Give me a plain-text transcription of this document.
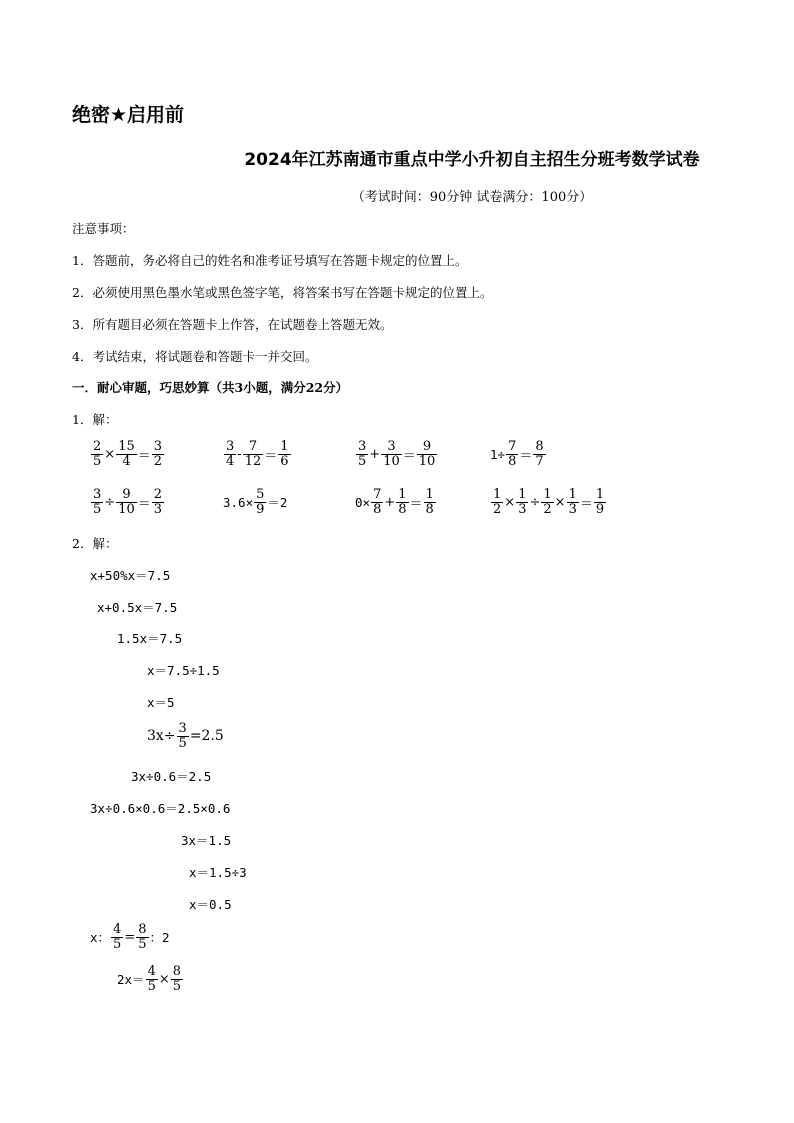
绝密★启用前
2024年江苏南通市重点中学小升初自主招生分班考数学试卷
（考试时间：90分钟 试卷满分：100分）
注意事项：
1．答题前，务必将自己的姓名和准考证号填写在答题卡规定的位置上。
2．必须使用黑色墨水笔或黑色签字笔，将答案书写在答题卡规定的位置上。
3．所有题目必须在答题卡上作答，在试题卷上答题无效。
4．考试结束，将试题卷和答题卡一并交回。
一．耐心审题，巧思妙算（共3小题，满分22分）
1．解：
$\frac{2}{5} \times \frac{15}{4} = \frac{3}{2}$	$\frac{3}{4} - \frac{7}{12} = \frac{1}{6}$	$\frac{3}{5} + \frac{3}{10} = \frac{9}{10}$	$1\div \frac{7}{8} = \frac{8}{7}$
$\frac{3}{5} \div \frac{9}{10} = \frac{2}{3}$	$3.6\times \frac{5}{9} =2$	$0\times \frac{7}{8} + \frac{1}{8} = \frac{1}{8}$	$\frac{1}{2} \times \frac{1}{3} \div \frac{1}{2} \times \frac{1}{3} = \frac{1}{9}$
2．解：
x+50%x＝7.5
x+0.5x＝7.5
1.5x＝7.5
x＝7.5÷1.5
x＝5
$3x\div \frac{3}{5} =2.5$
3x÷0.6＝2.5
3x÷0.6×0.6＝2.5×0.6
3x＝1.5
x＝1.5÷3
x＝0.5
x： $\frac{4}{5} = \frac{8}{5}$ ：2
$2x= \frac{4}{5} \times \frac{8}{5}$
